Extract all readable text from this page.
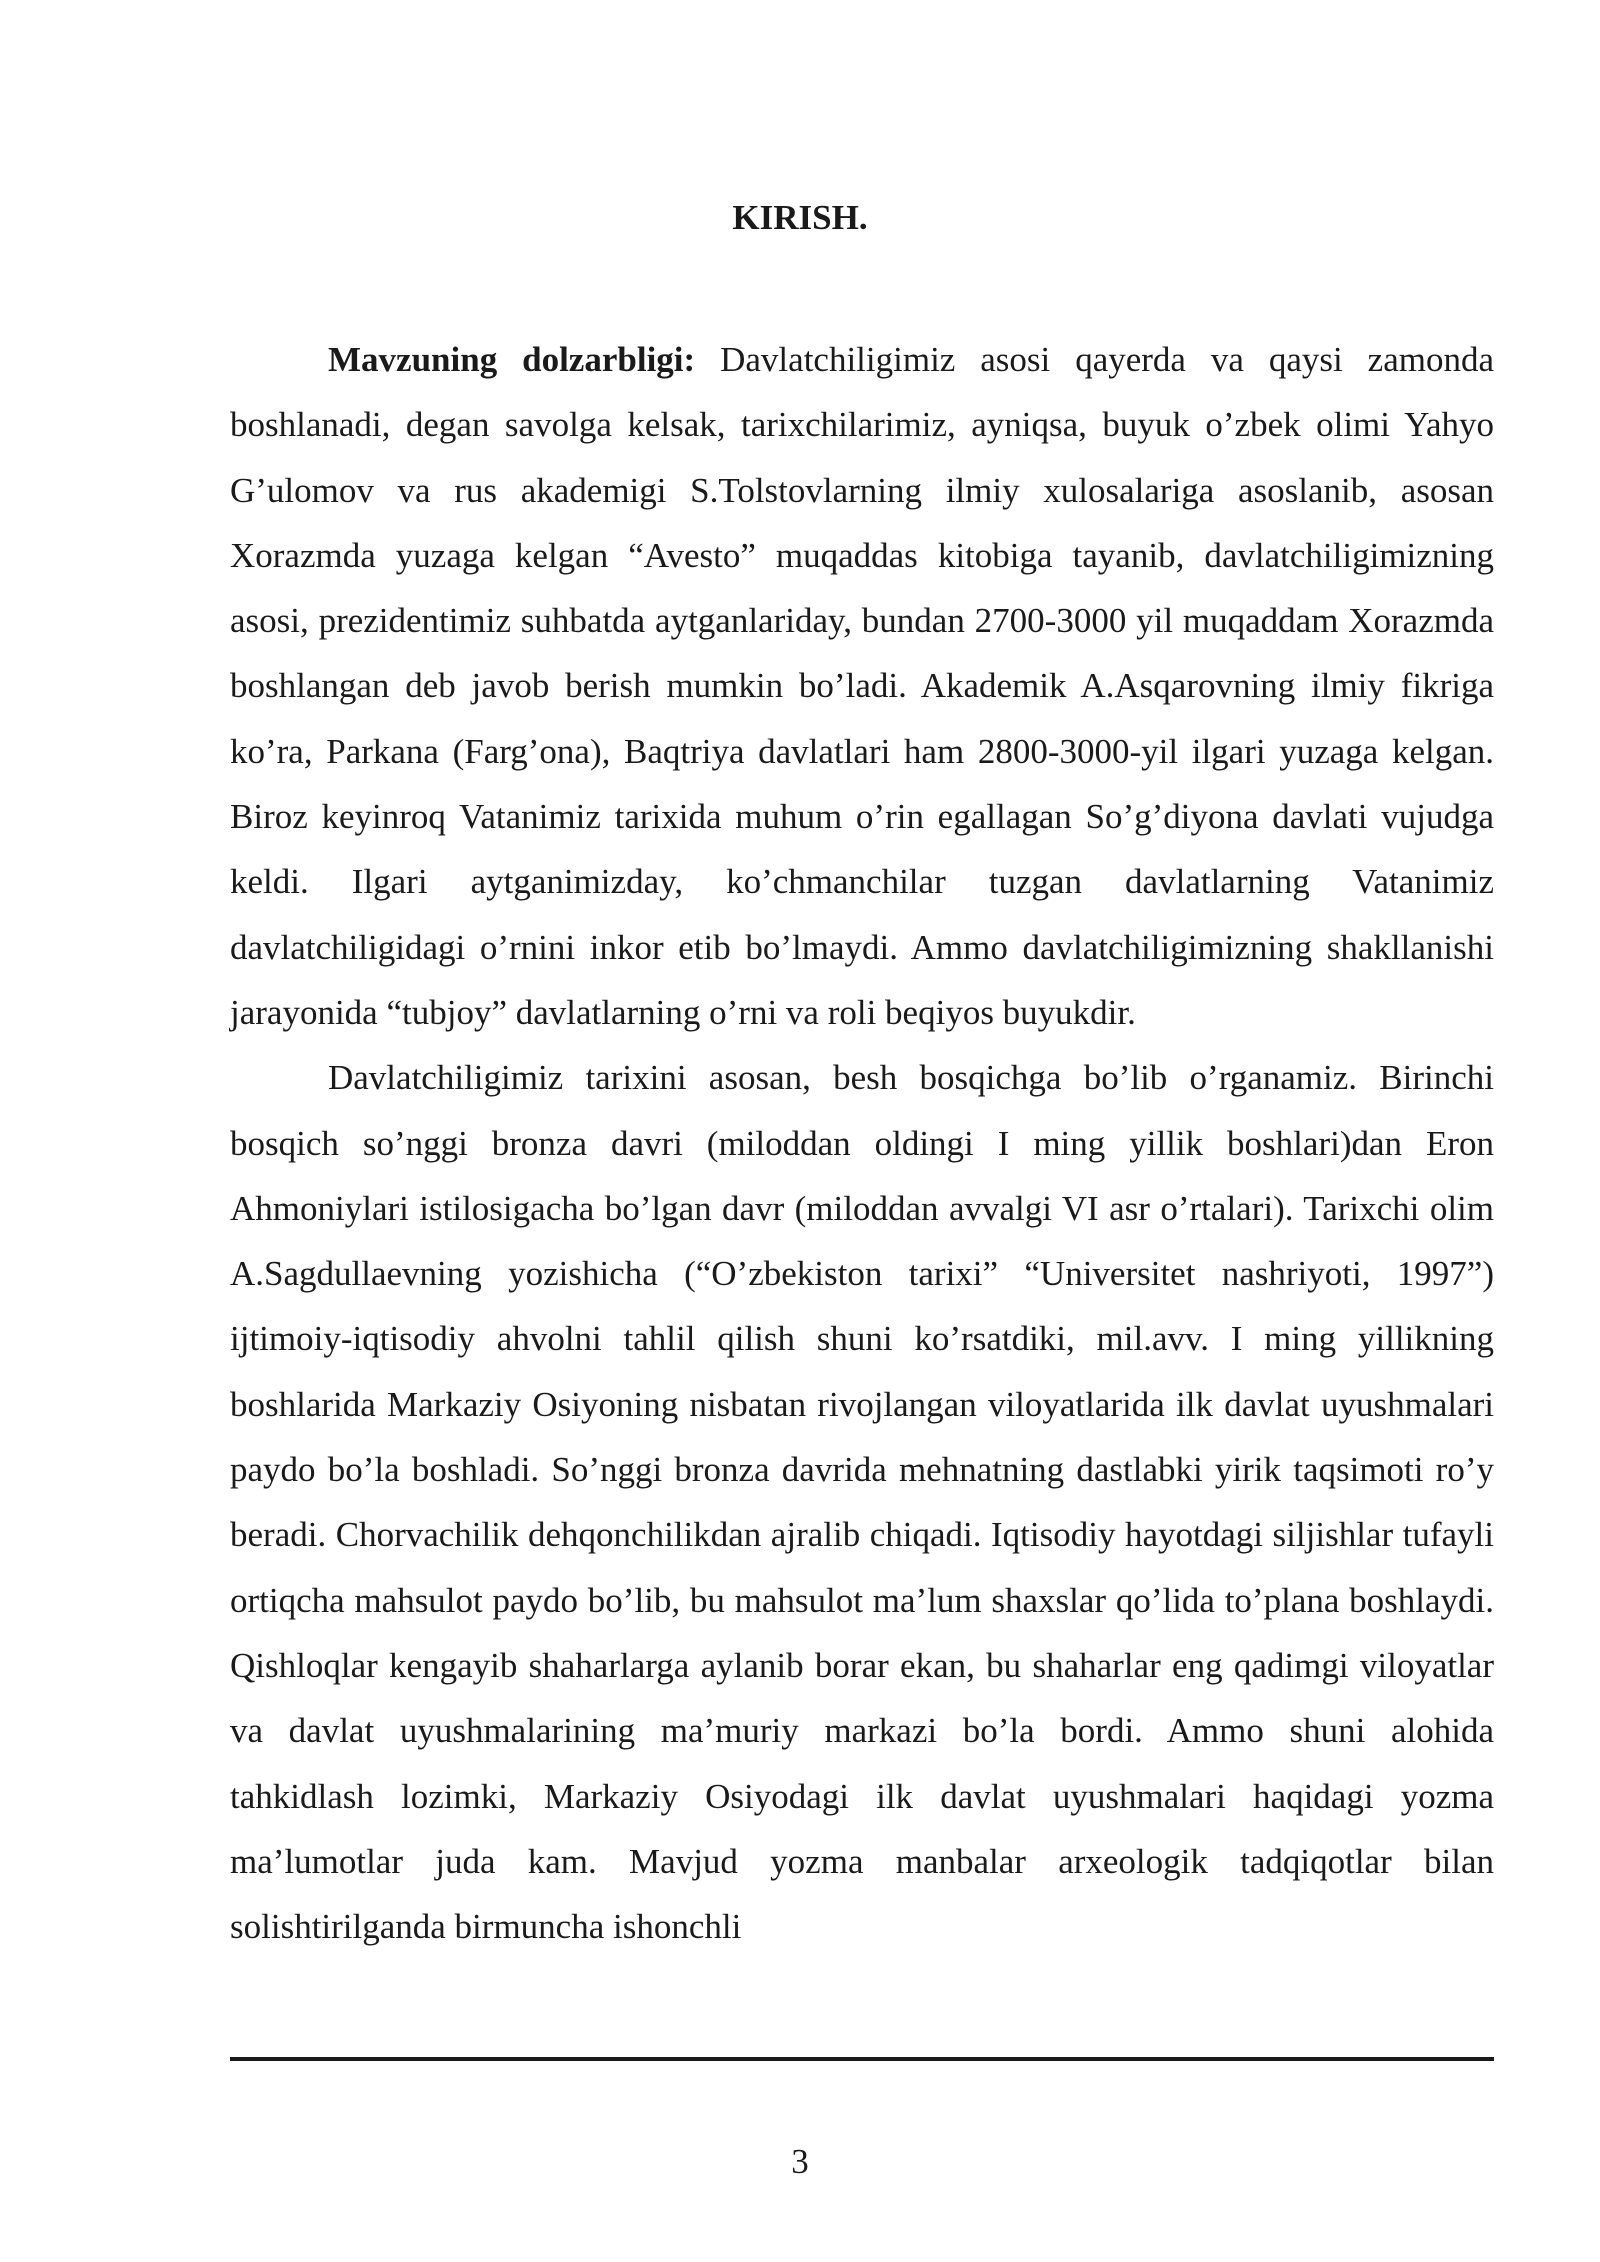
KIRISH.

Mavzuning dolzarbligi: Davlatchiligimiz asosi qayerda va qaysi zamonda boshlanadi, degan savolga kelsak, tarixchilarimiz, ayniqsa, buyuk o’zbek olimi Yahyo G’ulomov va rus akademigi S.Tolstovlarning ilmiy xulosalariga asoslanib, asosan Xorazmda yuzaga kelgan “Avesto” muqaddas kitobiga tayanib, davlatchiligimizning asosi, prezidentimiz suhbatda aytganlariday, bundan 2700-3000 yil muqaddam Xorazmda boshlangan deb javob berish mumkin bo’ladi. Akademik A.Asqarovning ilmiy fikriga ko’ra, Parkana (Farg’ona), Baqtriya davlatlari ham 2800-3000-yil ilgari yuzaga kelgan. Biroz keyinroq Vatanimiz tarixida muhum o’rin egallagan So’g’diyona davlati vujudga keldi. Ilgari aytganimizday, ko’chmanchilar tuzgan davlatlarning Vatanimiz davlatchiligidagi o’rnini inkor etib bo’lmaydi. Ammo davlatchiligimizning shakllanishi jarayonida “tubjoy” davlatlarning o’rni va roli beqiyos buyukdir.

Davlatchiligimiz tarixini asosan, besh bosqichga bo’lib o’rganamiz. Birinchi bosqich so’nggi bronza davri (miloddan oldingi I ming yillik boshlari)dan Eron Ahmoniylari istilosigacha bo’lgan davr (miloddan avvalgi VI asr o’rtalari). Tarixchi olim A.Sagdullaevning yozishicha (“O’zbekiston tarixi” “Universitet nashriyoti, 1997”) ijtimoiy-iqtisodiy ahvolni tahlil qilish shuni ko’rsatdiki, mil.avv. I ming yillikning boshlarida Markaziy Osiyoning nisbatan rivojlangan viloyatlarida ilk davlat uyushmalari paydo bo’la boshladi. So’nggi bronza davrida mehnatning dastlabki yirik taqsimoti ro’y beradi. Chorvachilik dehqonchilikdan ajralib chiqadi. Iqtisodiy hayotdagi siljishlar tufayli ortiqcha mahsulot paydo bo’lib, bu mahsulot ma’lum shaxslar qo’lida to’plana boshlaydi. Qishloqlar kengayib shaharlarga aylanib borar ekan, bu shaharlar eng qadimgi viloyatlar va davlat uyushmalarining ma’muriy markazi bo’la bordi. Ammo shuni alohida tahkidlash lozimki, Markaziy Osiyodagi ilk davlat uyushmalari haqidagi yozma ma’lumotlar juda kam. Mavjud yozma manbalar arxeologik tadqiqotlar bilan solishtirilganda birmuncha ishonchli

3
